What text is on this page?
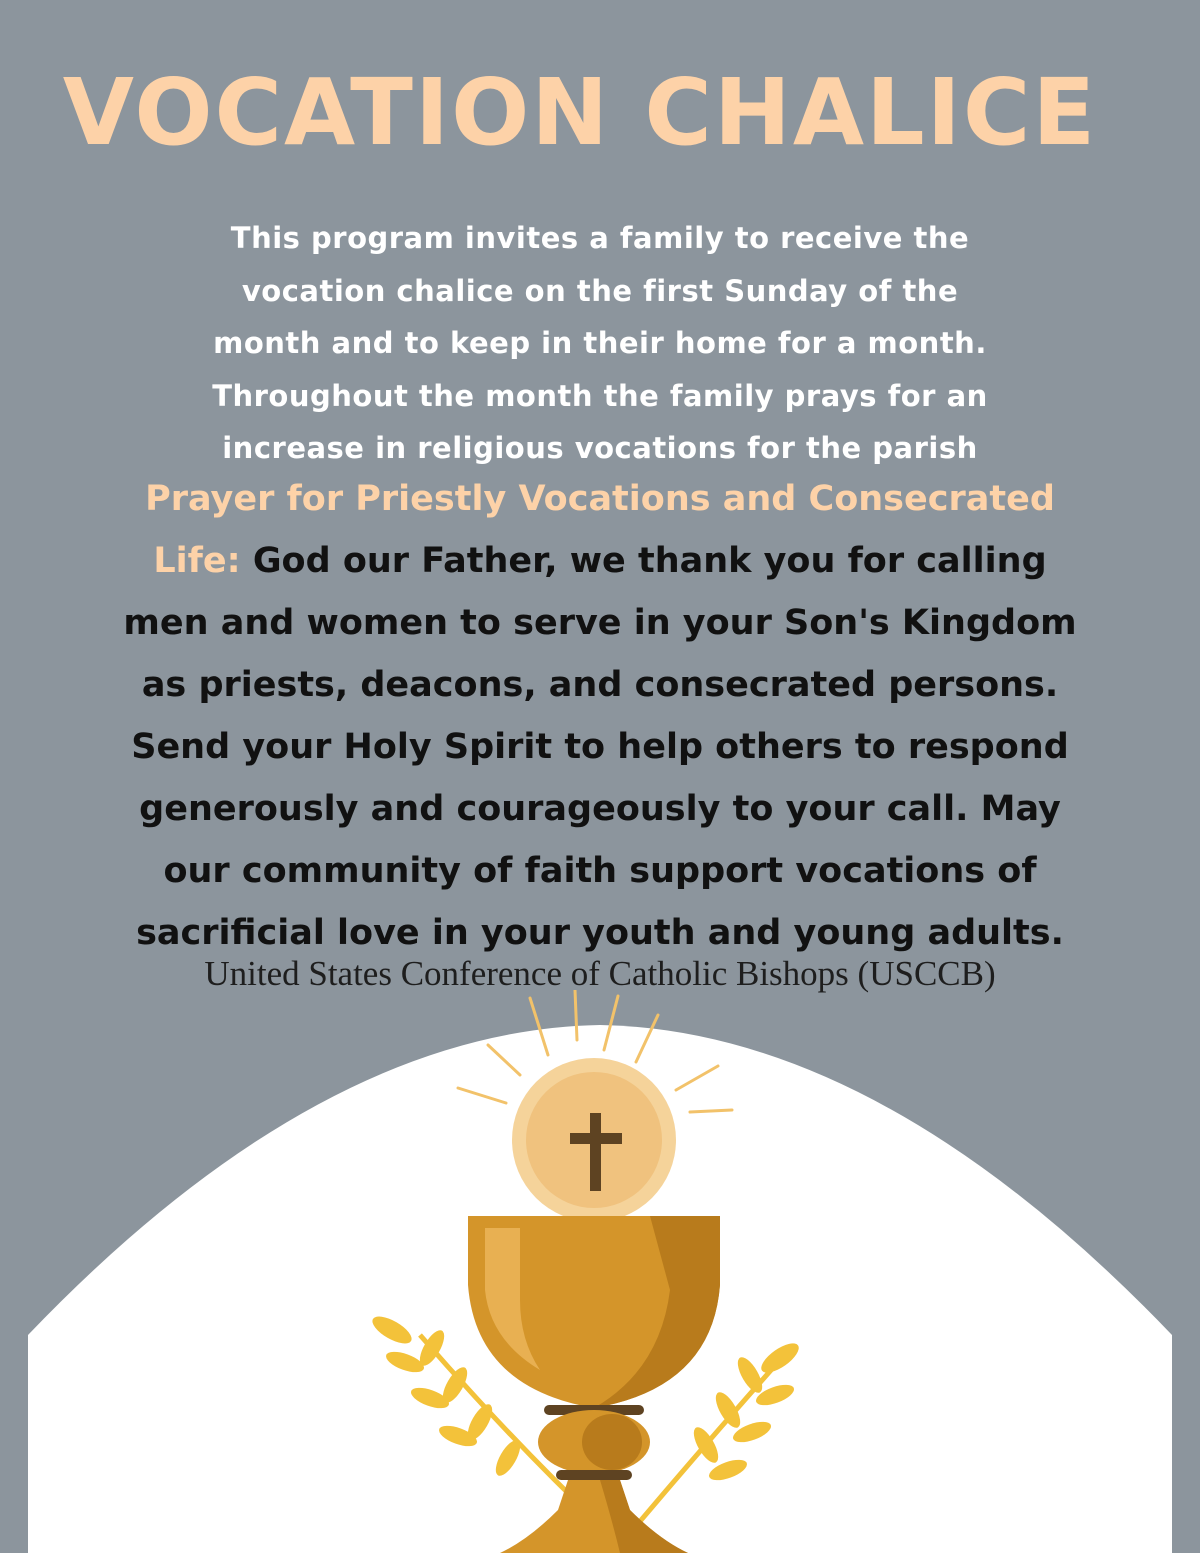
VOCATION CHALICE
This program invites a family to receive the
vocation chalice on the first Sunday of the
month and to keep in their home for a month.
Throughout the month the family prays for an
increase in religious vocations for the parish
Prayer for Priestly Vocations and Consecrated
Life: God our Father, we thank you for calling
men and women to serve in your Son's Kingdom
as priests, deacons, and consecrated persons.
Send your Holy Spirit to help others to respond
generously and courageously to your call. May
our community of faith support vocations of
sacrificial love in your youth and young adults.
United States Conference of Catholic Bishops (USCCB)
